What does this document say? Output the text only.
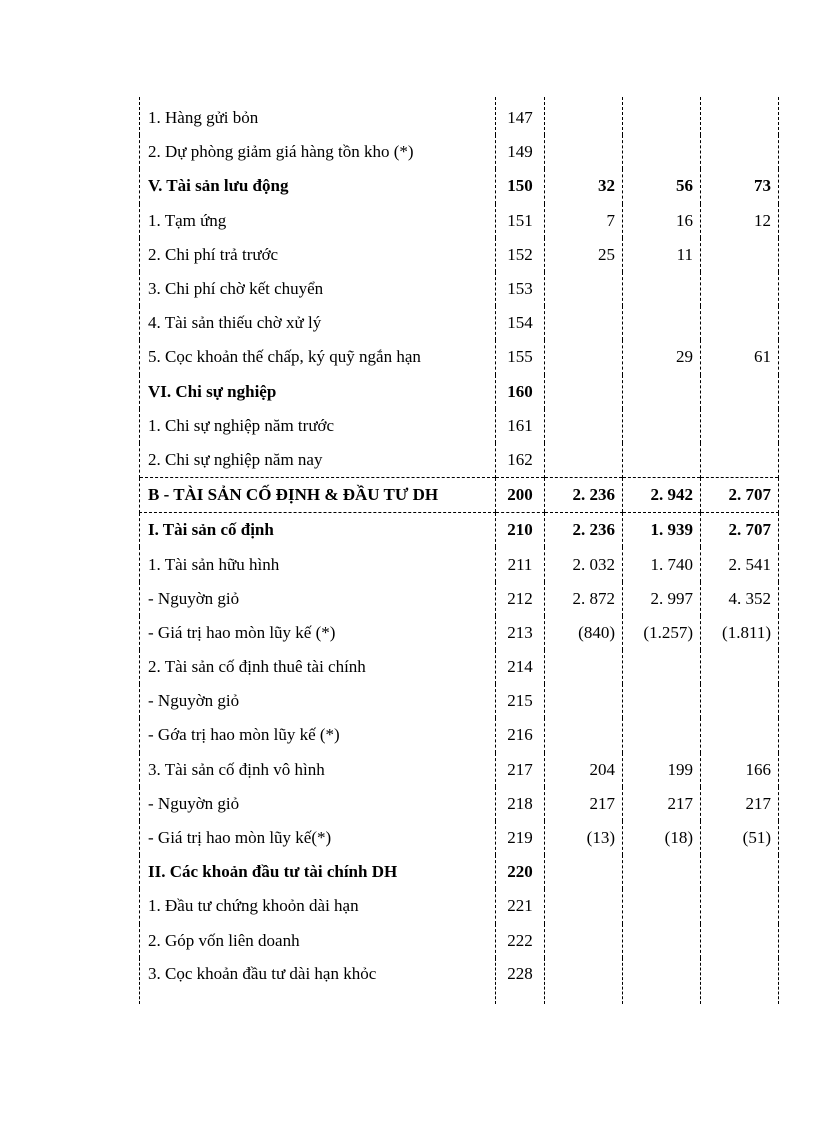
1. Hàng gửi bỏn	147			
2. Dự phòng giảm giá hàng tồn kho (*)	149			
V. Tài sản lưu động	150	32	56	73
1. Tạm ứng	151	7	16	12
2. Chi phí trả trước	152	25	11	
3. Chi phí chờ kết chuyển	153			
4. Tài sản thiếu chờ xử lý	154			
5. Cọc khoản thế chấp, ký quỹ ngắn hạn	155		29	61
VI. Chi sự nghiệp	160			
1. Chi sự nghiệp năm trước	161			
2. Chi sự nghiệp năm nay	162			
B - TÀI SẢN CỐ ĐỊNH & ĐẦU TƯ DH	200	2. 236	2. 942	2. 707
I. Tài sản cố định	210	2. 236	1. 939	2. 707
1. Tài sản hữu hình	211	2. 032	1. 740	2. 541
- Nguyờn giỏ	212	2. 872	2. 997	4. 352
- Giá trị hao mòn lũy kế (*)	213	(840)	(1.257)	(1.811)
2. Tài sản cố định thuê tài chính	214			
- Nguyờn giỏ	215			
- Gớa trị hao mòn lũy kế (*)	216			
3. Tài sản cố định vô hình	217	204	199	166
- Nguyờn giỏ	218	217	217	217
- Giá trị hao mòn lũy kế(*)	219	(13)	(18)	(51)
II. Các khoản đầu tư tài chính DH	220			
1. Đầu tư chứng khoỏn dài hạn	221			
2. Góp vốn liên doanh	222			
3. Cọc khoản đầu tư dài hạn khỏc	228			
